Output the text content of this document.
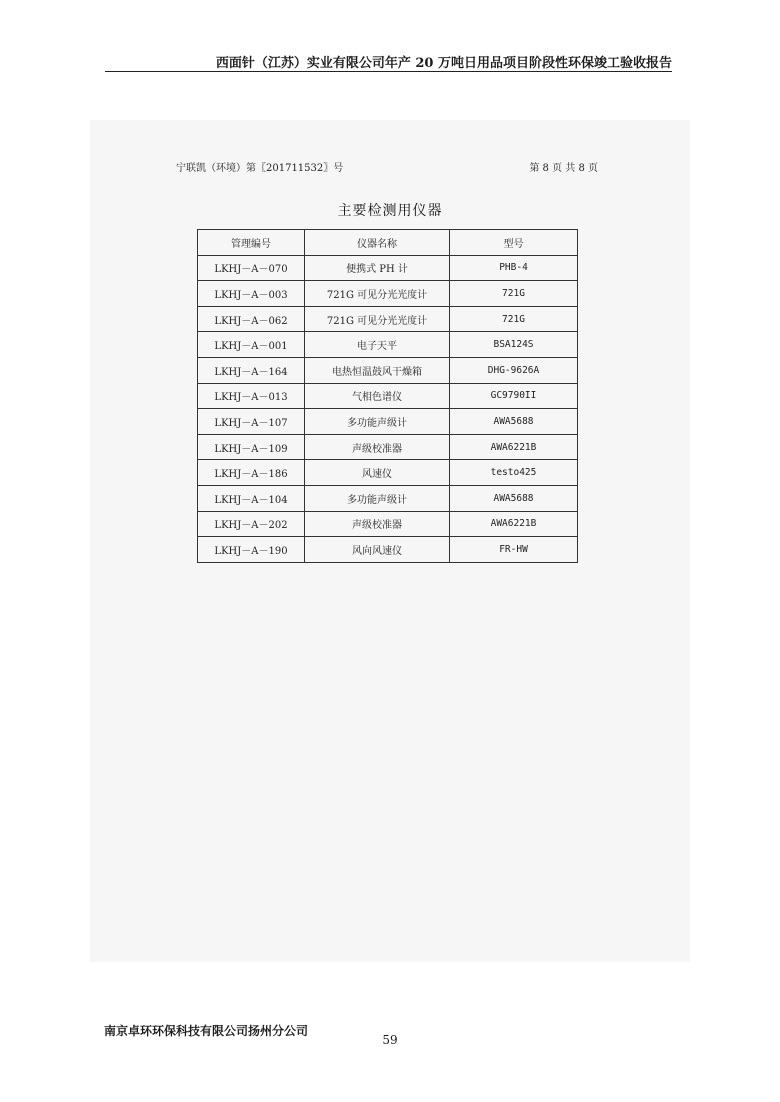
西面针（江苏）实业有限公司年产 20 万吨日用品项目阶段性环保竣工验收报告
宁联凯（环境）第〖201711532〗号	第 8 页 共 8 页
主要检测用仪器
管理编号	仪器名称	型号
LKHJ－A－070	便携式 PH 计	PHB-4
LKHJ－A－003	721G 可见分光光度计	721G
LKHJ－A－062	721G 可见分光光度计	721G
LKHJ－A－001	电子天平	BSA124S
LKHJ－A－164	电热恒温鼓风干燥箱	DHG-9626A
LKHJ－A－013	气相色谱仪	GC9790II
LKHJ－A－107	多功能声级计	AWA5688
LKHJ－A－109	声级校准器	AWA6221B
LKHJ－A－186	风速仪	testo425
LKHJ－A－104	多功能声级计	AWA5688
LKHJ－A－202	声级校准器	AWA6221B
LKHJ－A－190	风向风速仪	FR-HW
南京卓环环保科技有限公司扬州分公司
59
